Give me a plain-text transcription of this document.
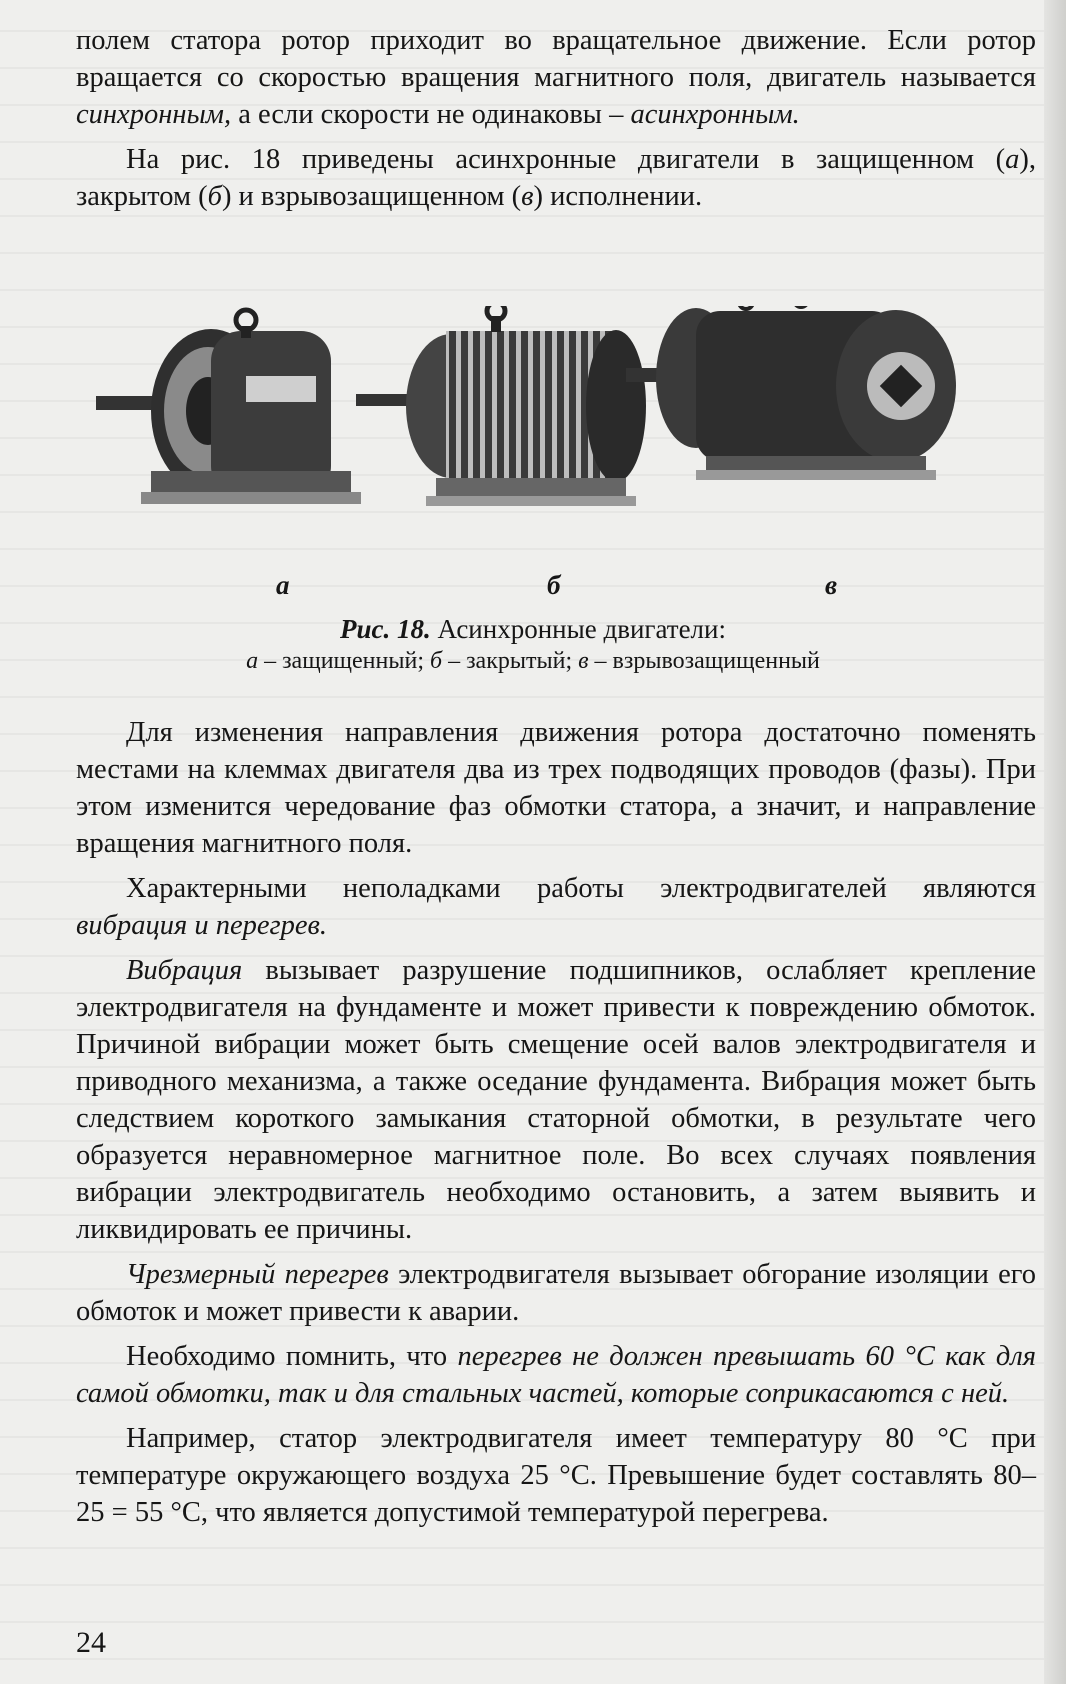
полем статора ротор приходит во вращательное движение. Если ротор вращается со скоростью вращения магнитного поля, двигатель называется синхронным, а если скорости не одинаковы – асинхронным.

На рис. 18 приведены асинхронные двигатели в защищенном (а), закрытом (б) и взрывозащищенном (в) исполнении.

а	б	в
Рис. 18. Асинхронные двигатели:
а – защищенный; б – закрытый; в – взрывозащищенный

Для изменения направления движения ротора достаточно поменять местами на клеммах двигателя два из трех подводящих проводов (фазы). При этом изменится чередование фаз обмотки статора, а значит, и направление вращения магнитного поля.

Характерными неполадками работы электродвигателей являются вибрация и перегрев.

Вибрация вызывает разрушение подшипников, ослабляет крепление электродвигателя на фундаменте и может привести к повреждению обмоток. Причиной вибрации может быть смещение осей валов электродвигателя и приводного механизма, а также оседание фундамента. Вибрация может быть следствием короткого замыкания статорной обмотки, в результате чего образуется неравномерное магнитное поле. Во всех случаях появления вибрации электродвигатель необходимо остановить, а затем выявить и ликвидировать ее причины.

Чрезмерный перегрев электродвигателя вызывает обгорание изоляции его обмоток и может привести к аварии.

Необходимо помнить, что перегрев не должен превышать 60 °С как для самой обмотки, так и для стальных частей, которые соприкасаются с ней.

Например, статор электродвигателя имеет температуру 80 °С при температуре окружающего воздуха 25 °С. Превышение будет составлять 80–25 = 55 °С, что является допустимой температурой перегрева.

24
